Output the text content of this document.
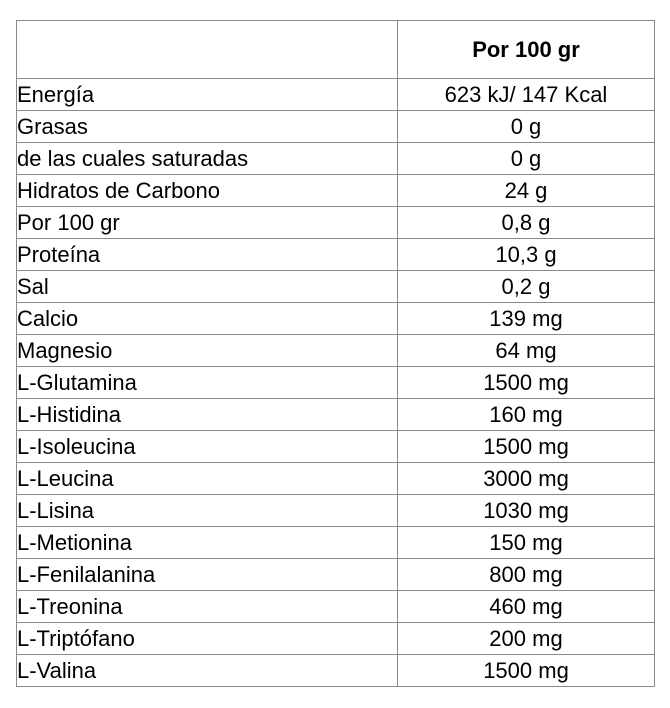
	Por 100 gr
Energía	623 kJ/ 147 Kcal
Grasas	0 g
de las cuales saturadas	0 g
Hidratos de Carbono	24 g
Por 100 gr	0,8 g
Proteína	10,3 g
Sal	0,2 g
Calcio	139 mg
Magnesio	64 mg
L-Glutamina	1500 mg
L-Histidina	160 mg
L-Isoleucina	1500 mg
L-Leucina	3000 mg
L-Lisina	1030 mg
L-Metionina	150 mg
L-Fenilalanina	800 mg
L-Treonina	460 mg
L-Triptófano	200 mg
L-Valina	1500 mg
